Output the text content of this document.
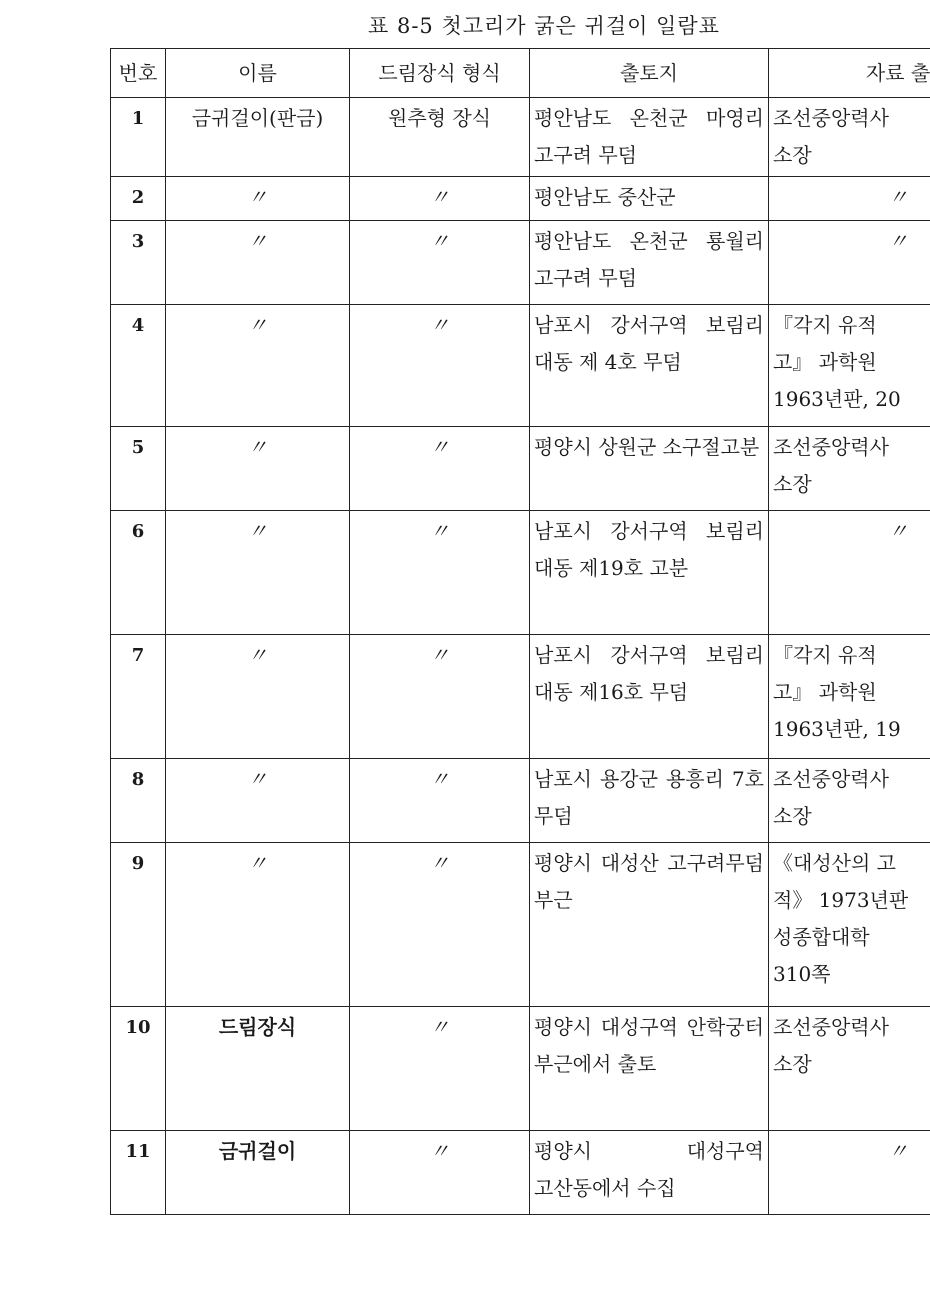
표 8-5 첫고리가 굵은 귀걸이 일람표
번호	이름	드림장식 형식	출토지	자료 출
1	금귀걸이(판금)	원추형 장식	평안남도 온천군 마영리 고구려 무덤	조선중앙력사
소장
2	〃	〃	평안남도 중산군	〃
3	〃	〃	평안남도 온천군 룡월리 고구려 무덤	〃
4	〃	〃	남포시 강서구역 보림리 대동 제 4호 무덤	『각지 유적
고』 과학원
1963년판, 20
5	〃	〃	평양시 상원군 소구절고분	조선중앙력사
소장
6	〃	〃	남포시 강서구역 보림리 대동 제19호 고분	〃
7	〃	〃	남포시 강서구역 보림리 대동 제16호 무덤	『각지 유적
고』 과학원
1963년판, 19
8	〃	〃	남포시 용강군 용흥리 7호 무덤	조선중앙력사
소장
9	〃	〃	평양시 대성산 고구려무덤 부근	《대성산의 고
적》 1973년판
성종합대학
310쪽
10	드림장식	〃	평양시 대성구역 안학궁터 부근에서 출토	조선중앙력사
소장
11	금귀걸이	〃	평양시 대성구역 고산동에서 수집	〃
